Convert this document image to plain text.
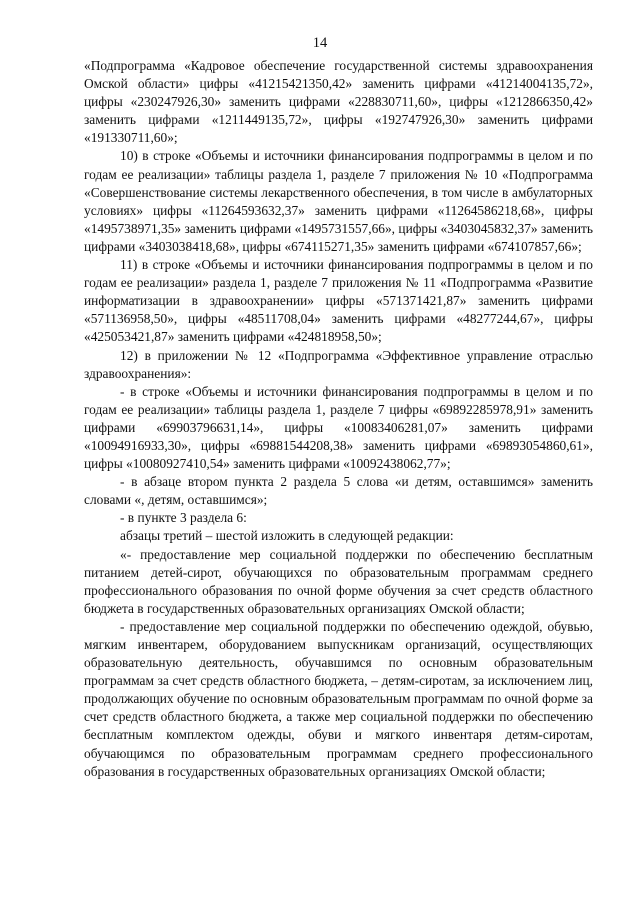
14

«Подпрограмма «Кадровое обеспечение государственной системы здравоохранения Омской области» цифры «41215421350,42» заменить цифрами «41214004135,72», цифры «230247926,30» заменить цифрами «228830711,60», цифры «1212866350,42» заменить цифрами «1211449135,72», цифры «192747926,30» заменить цифрами «191330711,60»;

10) в строке «Объемы и источники финансирования подпрограммы в целом и по годам ее реализации» таблицы раздела 1, разделе 7 приложения № 10 «Подпрограмма «Совершенствование системы лекарственного обеспечения, в том числе в амбулаторных условиях» цифры «11264593632,37» заменить цифрами «11264586218,68», цифры «1495738971,35» заменить цифрами «1495731557,66», цифры «3403045832,37» заменить цифрами «3403038418,68», цифры «674115271,35» заменить цифрами «674107857,66»;

11) в строке «Объемы и источники финансирования подпрограммы в целом и по годам ее реализации» раздела 1, разделе 7 приложения № 11 «Подпрограмма «Развитие информатизации в здравоохранении» цифры «571371421,87» заменить цифрами «571136958,50», цифры «48511708,04» заменить цифрами «48277244,67», цифры «425053421,87» заменить цифрами «424818958,50»;

12) в приложении № 12 «Подпрограмма «Эффективное управление отраслью здравоохранения»:

- в строке «Объемы и источники финансирования подпрограммы в целом и по годам ее реализации» таблицы раздела 1, разделе 7 цифры «69892285978,91» заменить цифрами «69903796631,14», цифры «10083406281,07» заменить цифрами «10094916933,30», цифры «69881544208,38» заменить цифрами «69893054860,61», цифры «10080927410,54» заменить цифрами «10092438062,77»;

- в абзаце втором пункта 2 раздела 5 слова «и детям, оставшимся» заменить словами «, детям, оставшимся»;

- в пункте 3 раздела 6:

абзацы третий – шестой изложить в следующей редакции:

«- предоставление мер социальной поддержки по обеспечению бесплатным питанием детей-сирот, обучающихся по образовательным программам среднего профессионального образования по очной форме обучения за счет средств областного бюджета в государственных образовательных организациях Омской области;

- предоставление мер социальной поддержки по обеспечению одеждой, обувью, мягким инвентарем, оборудованием выпускникам организаций, осуществляющих образовательную деятельность, обучавшимся по основным образовательным программам за счет средств областного бюджета, – детям-сиротам, за исключением лиц, продолжающих обучение по основным образовательным программам по очной форме за счет средств областного бюджета, а также мер социальной поддержки по обеспечению бесплатным комплектом одежды, обуви и мягкого инвентаря детям-сиротам, обучающимся по образовательным программам среднего профессионального образования в государственных образовательных организациях Омской области;
